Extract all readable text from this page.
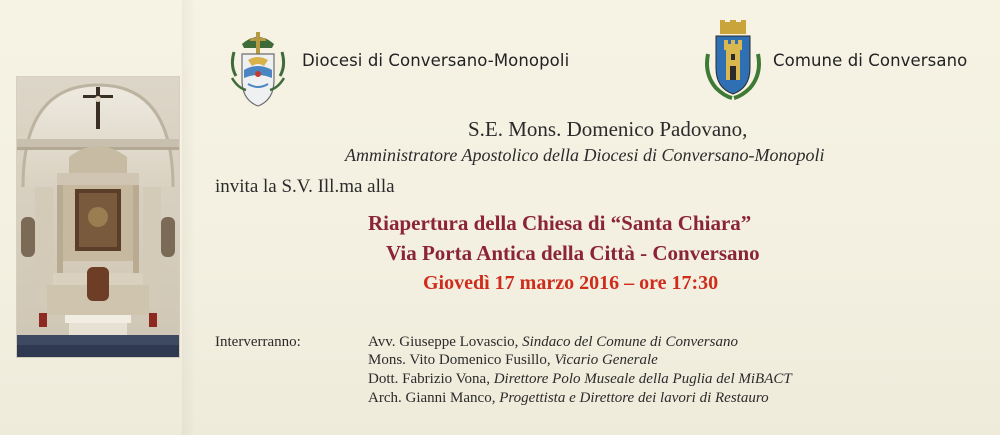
Diocesi di Conversano-Monopoli	Comune di Conversano
S.E. Mons. Domenico Padovano,
Amministratore Apostolico della Diocesi di Conversano-Monopoli
invita la S.V. Ill.ma alla
Riapertura della Chiesa di “Santa Chiara”
Via Porta Antica della Città - Conversano
Giovedì 17 marzo 2016 – ore 17:30
Interverranno:	Avv. Giuseppe Lovascio, Sindaco del Comune di Conversano
Mons. Vito Domenico Fusillo, Vicario Generale
Dott. Fabrizio Vona, Direttore Polo Museale della Puglia del MiBACT
Arch. Gianni Manco, Progettista e Direttore dei lavori di Restauro
